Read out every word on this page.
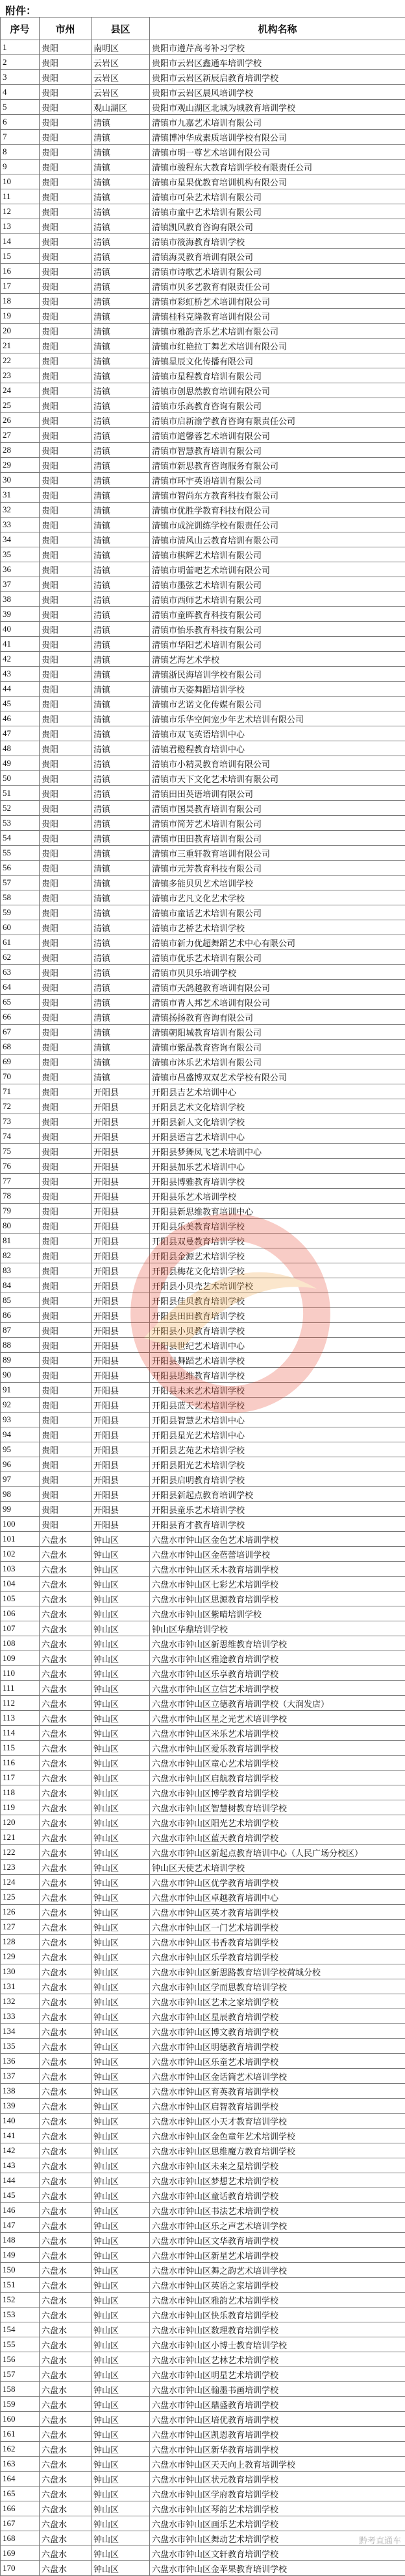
附件：
序号	市州	县区	机构名称
1	贵阳	南明区	贵阳市遵芹高考补习学校
2	贵阳	云岩区	贵阳市云岩区鑫通车培训学校
3	贵阳	云岩区	贵阳市云岩区新辰启教育培训学校
4	贵阳	云岩区	贵阳市云岩区晨风培训学校
5	贵阳	观山湖区	贵阳市观山湖区北城为城教育培训学校
6	贵阳	清镇	清镇市九嘉艺术培训有限公司
7	贵阳	清镇	清镇博冲华成素质培训学校有限公司
8	贵阳	清镇	清镇市明一尊艺术培训有限公司
9	贵阳	清镇	清镇市骏程东大教育培训学校有限责任公司
10	贵阳	清镇	清镇市星果优教育培训机构有限公司
11	贵阳	清镇	清镇市可朵艺术培训有限公司
12	贵阳	清镇	清镇市童中艺术培训有限公司
13	贵阳	清镇	清镇凯风教育咨询有限公司
14	贵阳	清镇	清镇市筱海教育培训学校
15	贵阳	清镇	清镇海灵教育培训有限公司
16	贵阳	清镇	清镇市诗歌艺术培训有限公司
17	贵阳	清镇	清镇市贝多艺教育有限责任公司
18	贵阳	清镇	清镇市彩虹桥艺术培训有限公司
19	贵阳	清镇	清镇桂科克隆教育培训有限公司
20	贵阳	清镇	清镇市雅韵音乐艺术培训有限公司
21	贵阳	清镇	清镇市红艳拉丁舞艺术培训有限公司
22	贵阳	清镇	清镇星辰文化传播有限公司
23	贵阳	清镇	清镇市星程教育培训有限公司
24	贵阳	清镇	清镇市创思然教育培训有限公司
25	贵阳	清镇	清镇市乐高教育咨询有限公司
26	贵阳	清镇	清镇市启新渝学教育咨询有限责任公司
27	贵阳	清镇	清镇市道馨蓉艺术培训有限公司
28	贵阳	清镇	清镇市智慧教育培训有限公司
29	贵阳	清镇	清镇市新思教育咨询服务有限公司
30	贵阳	清镇	清镇市环宇英语培训有限公司
31	贵阳	清镇	清镇市智尚东方教育科技有限公司
32	贵阳	清镇	清镇市优胜学教育科技有限公司
33	贵阳	清镇	清镇市成浣训练学校有限责任公司
34	贵阳	清镇	清镇市清风山云教育培训有限公司
35	贵阳	清镇	清镇市棋辉艺术培训有限公司
36	贵阳	清镇	清镇市明蕾吧艺术培训有限公司
37	贵阳	清镇	清镇市墨弦艺术培训有限公司
38	贵阳	清镇	清镇市西师艺术培训有限公司
39	贵阳	清镇	清镇市童晖教育科技有限公司
40	贵阳	清镇	清镇市怡乐教育科技有限公司
41	贵阳	清镇	清镇市华阳艺术培训有限公司
42	贵阳	清镇	清镇艺海艺术学校
43	贵阳	清镇	清镇浙民海培训学校有限公司
44	贵阳	清镇	清镇市天姿舞蹈培训学校
45	贵阳	清镇	清镇市艺诺文化传媒有限公司
46	贵阳	清镇	清镇市乐华空间宠少年艺术培训有限公司
47	贵阳	清镇	清镇市双飞英语培训中心
48	贵阳	清镇	清镇君橙程教育培训中心
49	贵阳	清镇	清镇市小精灵教育培训有限公司
50	贵阳	清镇	清镇市天下文化艺术培训有限公司
51	贵阳	清镇	清镇田田英语培训有限公司
52	贵阳	清镇	清镇市国昊教育培训有限公司
53	贵阳	清镇	清镇市简芳艺术培训有限公司
54	贵阳	清镇	清镇市田田教育培训有限公司
55	贵阳	清镇	清镇市三重轩教育培训有限公司
56	贵阳	清镇	清镇市元芳教育科技有限公司
57	贵阳	清镇	清镇多能贝贝艺术培训学校
58	贵阳	清镇	清镇市艺凡文化艺术学校
59	贵阳	清镇	清镇市童话艺术培训有限公司
60	贵阳	清镇	清镇市艺桥艺术培训学校
61	贵阳	清镇	清镇市新力优超舞蹈艺术中心有限公司
62	贵阳	清镇	清镇市优乐艺术培训有限公司
63	贵阳	清镇	清镇市贝贝乐培训学校
64	贵阳	清镇	清镇市天鸽越教育培训有限公司
65	贵阳	清镇	清镇市青人邦艺术培训有限公司
66	贵阳	清镇	清镇扬扬教育咨询有限公司
67	贵阳	清镇	清镇朝阳城教育培训有限公司
68	贵阳	清镇	清镇市紫晶教育咨询有限公司
69	贵阳	清镇	清镇市沐乐艺术培训有限公司
70	贵阳	清镇	清镇市昌盛博双双艺术学校有限公司
71	贵阳	开阳县	开阳县吉艺术培训中心
72	贵阳	开阳县	开阳县艺术文化培训学校
73	贵阳	开阳县	开阳县新人文化培训学校
74	贵阳	开阳县	开阳县语言艺术培训中心
75	贵阳	开阳县	开阳县梦舞凤飞艺术培训中心
76	贵阳	开阳县	开阳县加乐艺术培训中心
77	贵阳	开阳县	开阳县博雅教育培训学校
78	贵阳	开阳县	开阳县乐艺术培训学校
79	贵阳	开阳县	开阳县新思维教育培训中心
80	贵阳	开阳县	开阳县乐美教育培训学校
81	贵阳	开阳县	开阳县双曼教育培训学校
82	贵阳	开阳县	开阳县金源艺术培训学校
83	贵阳	开阳县	开阳县梅花文化培训学校
84	贵阳	开阳县	开阳县小贝壳艺术培训学校
85	贵阳	开阳县	开阳县佳贝教育培训学校
86	贵阳	开阳县	开阳县田田教育培训学校
87	贵阳	开阳县	开阳县小贝教育培训学校
88	贵阳	开阳县	开阳县世纪艺术培训中心
89	贵阳	开阳县	开阳县舞蹈艺术培训学校
90	贵阳	开阳县	开阳县思维教育培训学校
91	贵阳	开阳县	开阳县未来艺术培训学校
92	贵阳	开阳县	开阳县蓝天艺术培训学校
93	贵阳	开阳县	开阳县智慧艺术培训中心
94	贵阳	开阳县	开阳县星光艺术培训中心
95	贵阳	开阳县	开阳县艺苑艺术培训学校
96	贵阳	开阳县	开阳县阳光艺术培训学校
97	贵阳	开阳县	开阳县启明教育培训学校
98	贵阳	开阳县	开阳县新起点教育培训学校
99	贵阳	开阳县	开阳县童乐艺术培训学校
100	贵阳	开阳县	开阳县育才教育培训学校
101	六盘水	钟山区	六盘水市钟山区金色艺术培训学校
102	六盘水	钟山区	六盘水市钟山区金蓓蕾培训学校
103	六盘水	钟山区	六盘水市钟山区禾木教育培训学校
104	六盘水	钟山区	六盘水市钟山区七彩艺术培训学校
105	六盘水	钟山区	六盘水市钟山区思源教育培训学校
106	六盘水	钟山区	六盘水市钟山区紫晴培训学校
107	六盘水	钟山区	钟山区华鼎培训学校
108	六盘水	钟山区	六盘水市钟山区新思维教育培训学校
109	六盘水	钟山区	六盘水市钟山区雅途教育培训学校
110	六盘水	钟山区	六盘水市钟山区乐享教育培训学校
111	六盘水	钟山区	六盘水市钟山区立信艺术培训学校
112	六盘水	钟山区	六盘水市钟山区立德教育培训学校（大润发店）
113	六盘水	钟山区	六盘水市钟山区星之光艺术培训学校
114	六盘水	钟山区	六盘水市钟山区米乐艺术培训学校
115	六盘水	钟山区	六盘水市钟山区爱乐教育培训学校
116	六盘水	钟山区	六盘水市钟山区童心艺术培训学校
117	六盘水	钟山区	六盘水市钟山区启航教育培训学校
118	六盘水	钟山区	六盘水市钟山区博学教育培训学校
119	六盘水	钟山区	六盘水市钟山区智慧树教育培训学校
120	六盘水	钟山区	六盘水市钟山区阳光艺术培训学校
121	六盘水	钟山区	六盘水市钟山区蓝天教育培训学校
122	六盘水	钟山区	六盘水市钟山区新起点教育培训中心（人民广场分校区）
123	六盘水	钟山区	钟山区天使艺术培训学校
124	六盘水	钟山区	六盘水市钟山区优学教育培训学校
125	六盘水	钟山区	六盘水市钟山区卓越教育培训中心
126	六盘水	钟山区	六盘水市钟山区英才教育培训学校
127	六盘水	钟山区	六盘水市钟山区一门艺术培训学校
128	六盘水	钟山区	六盘水市钟山区书香教育培训学校
129	六盘水	钟山区	六盘水市钟山区乐学教育培训学校
130	六盘水	钟山区	六盘水市钟山区新思路教育培训学校荷城分校
131	六盘水	钟山区	六盘水市钟山区学而思教育培训学校
132	六盘水	钟山区	六盘水市钟山区艺术之家培训学校
133	六盘水	钟山区	六盘水市钟山区星辰教育培训学校
134	六盘水	钟山区	六盘水市钟山区博文教育培训学校
135	六盘水	钟山区	六盘水市钟山区明德教育培训学校
136	六盘水	钟山区	六盘水市钟山区乐童艺术培训学校
137	六盘水	钟山区	六盘水市钟山区金话筒艺术培训学校
138	六盘水	钟山区	六盘水市钟山区育英教育培训学校
139	六盘水	钟山区	六盘水市钟山区启智教育培训学校
140	六盘水	钟山区	六盘水市钟山区小天才教育培训学校
141	六盘水	钟山区	六盘水市钟山区金色童年艺术培训学校
142	六盘水	钟山区	六盘水市钟山区思维魔方教育培训学校
143	六盘水	钟山区	六盘水市钟山区未来之星培训学校
144	六盘水	钟山区	六盘水市钟山区梦想艺术培训学校
145	六盘水	钟山区	六盘水市钟山区童话教育培训学校
146	六盘水	钟山区	六盘水市钟山区书法艺术培训学校
147	六盘水	钟山区	六盘水市钟山区乐之声艺术培训学校
148	六盘水	钟山区	六盘水市钟山区文华教育培训学校
149	六盘水	钟山区	六盘水市钟山区新星艺术培训学校
150	六盘水	钟山区	六盘水市钟山区舞之韵艺术培训学校
151	六盘水	钟山区	六盘水市钟山区英语之家培训学校
152	六盘水	钟山区	六盘水市钟山区雅韵艺术培训学校
153	六盘水	钟山区	六盘水市钟山区快乐教育培训学校
154	六盘水	钟山区	六盘水市钟山区数理教育培训学校
155	六盘水	钟山区	六盘水市钟山区小博士教育培训学校
156	六盘水	钟山区	六盘水市钟山区艺林艺术培训学校
157	六盘水	钟山区	六盘水市钟山区明星艺术培训学校
158	六盘水	钟山区	六盘水市钟山区翰墨书画培训学校
159	六盘水	钟山区	六盘水市钟山区鼎盛教育培训学校
160	六盘水	钟山区	六盘水市钟山区培优教育培训学校
161	六盘水	钟山区	六盘水市钟山区凯恩教育培训学校
162	六盘水	钟山区	六盘水市钟山区新华教育培训学校
163	六盘水	钟山区	六盘水市钟山区天天向上教育培训学校
164	六盘水	钟山区	六盘水市钟山区状元教育培训学校
165	六盘水	钟山区	六盘水市钟山区学府教育培训学校
166	六盘水	钟山区	六盘水市钟山区琴韵艺术培训学校
167	六盘水	钟山区	六盘水市钟山区画乐艺术培训学校
168	六盘水	钟山区	六盘水市钟山区舞动艺术培训学校
169	六盘水	钟山区	六盘水市钟山区文轩教育培训学校
170	六盘水	钟山区	六盘水市钟山区金苹果教育培训学校
黔考直通车
